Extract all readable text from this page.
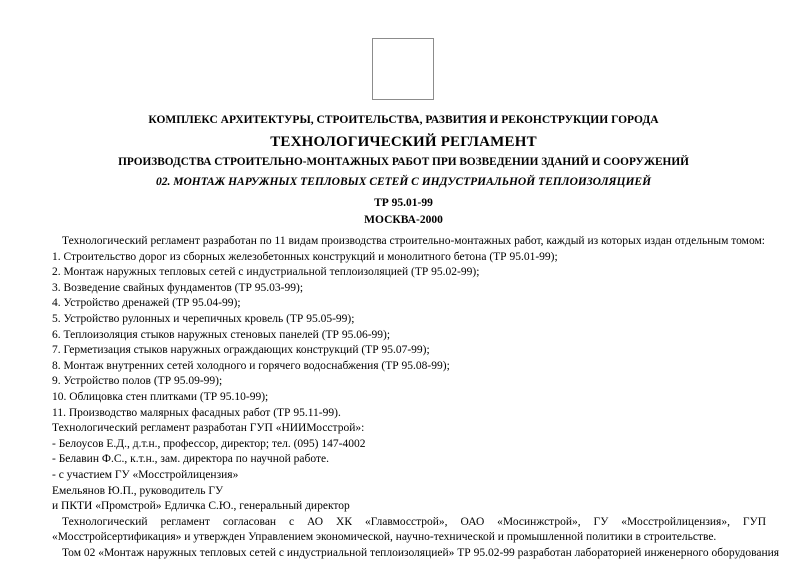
КОМПЛЕКС АРХИТЕКТУРЫ, СТРОИТЕЛЬСТВА, РАЗВИТИЯ И РЕКОНСТРУКЦИИ ГОРОДА
ТЕХНОЛОГИЧЕСКИЙ РЕГЛАМЕНТ
ПРОИЗВОДСТВА СТРОИТЕЛЬНО-МОНТАЖНЫХ РАБОТ ПРИ ВОЗВЕДЕНИИ ЗДАНИЙ И СООРУЖЕНИЙ
02. МОНТАЖ НАРУЖНЫХ ТЕПЛОВЫХ СЕТЕЙ С ИНДУСТРИАЛЬНОЙ ТЕПЛОИЗОЛЯЦИЕЙ
ТР 95.01-99
МОСКВА-2000

Технологический регламент разработан по 11 видам производства строительно-монтажных работ, каждый из которых издан отдельным томом:

1. Строительство дорог из сборных железобетонных конструкций и монолитного бетона (ТР 95.01-99);

2. Монтаж наружных тепловых сетей с индустриальной теплоизоляцией (ТР 95.02-99);

3. Возведение свайных фундаментов (ТР 95.03-99);

4. Устройство дренажей (ТР 95.04-99);

5. Устройство рулонных и черепичных кровель (ТР 95.05-99);

6. Теплоизоляция стыков наружных стеновых панелей (ТР 95.06-99);

7. Герметизация стыков наружных ограждающих конструкций (ТР 95.07-99);

8. Монтаж внутренних сетей холодного и горячего водоснабжения (ТР 95.08-99);

9. Устройство полов (ТР 95.09-99);

10. Облицовка стен плитками (ТР 95.10-99);

11. Производство малярных фасадных работ (ТР 95.11-99).

Технологический регламент разработан ГУП «НИИМосстрой»:

- Белоусов Е.Д., д.т.н., профессор, директор; тел. (095) 147-4002

- Белавин Ф.С., к.т.н., зам. директора по научной работе.

- с участием ГУ «Мосстройлицензия»

Емельянов Ю.П., руководитель ГУ

и ПКТИ «Промстрой» Едличка С.Ю., генеральный директор

Технологический регламент согласован с АО ХК «Главмосстрой», ОАО «Мосинжстрой», ГУ «Мосстройлицензия», ГУП «Мосстройсертификация» и утвержден Управлением экономической, научно-технической и промышленной политики в строительстве.

Том 02 «Монтаж наружных тепловых сетей с индустриальной теплоизоляцией» ТР 95.02-99 разработан лабораторией инженерного оборудования
